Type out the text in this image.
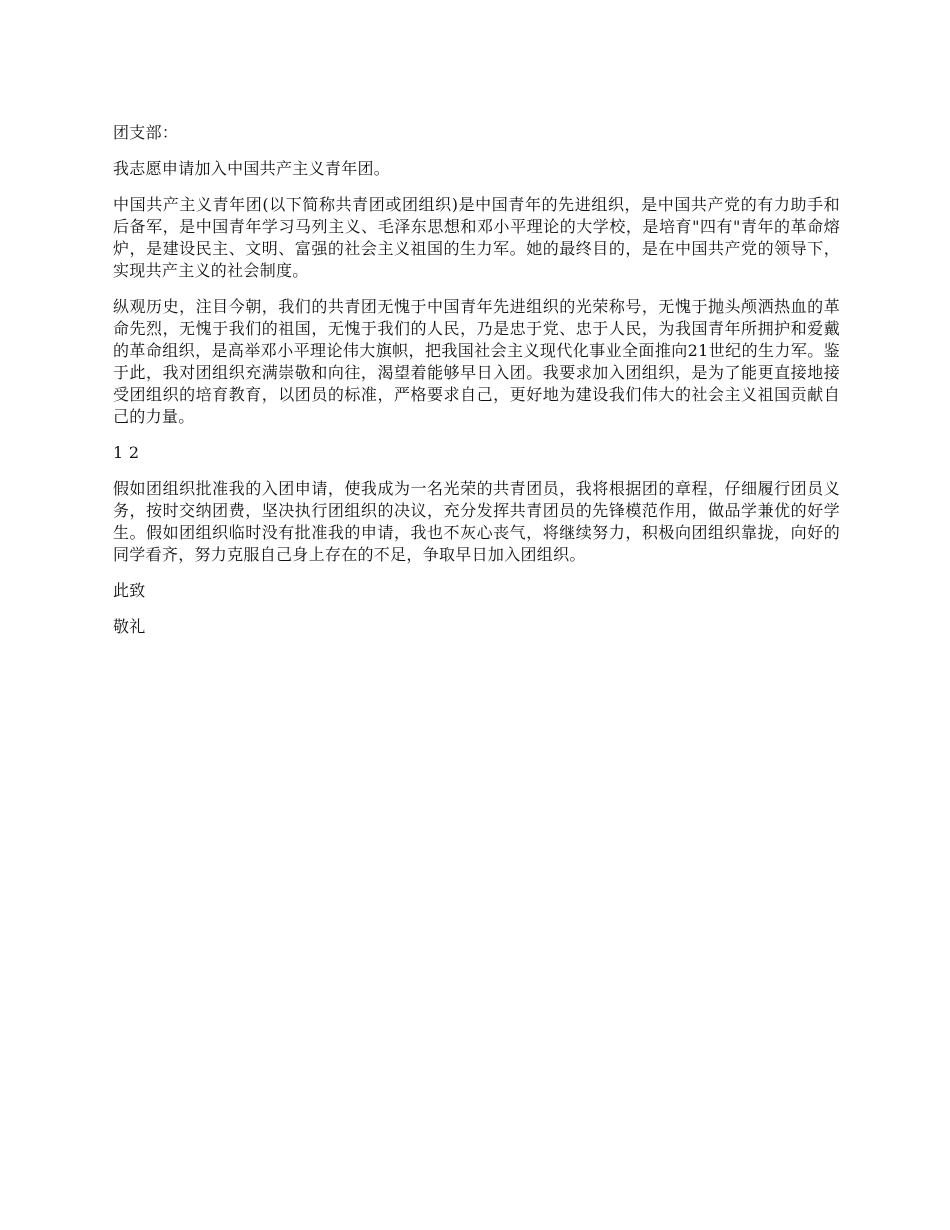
团支部：

我志愿申请加入中国共产主义青年团。

中国共产主义青年团(以下简称共青团或团组织)是中国青年的先进组织，是中国共产党的有力助手和后备军，是中国青年学习马列主义、毛泽东思想和邓小平理论的大学校，是培育"四有"青年的革命熔炉，是建设民主、文明、富强的社会主义祖国的生力军。她的最终目的，是在中国共产党的领导下，实现共产主义的社会制度。

纵观历史，注目今朝，我们的共青团无愧于中国青年先进组织的光荣称号，无愧于抛头颅洒热血的革命先烈，无愧于我们的祖国，无愧于我们的人民，乃是忠于党、忠于人民，为我国青年所拥护和爱戴的革命组织，是高举邓小平理论伟大旗帜，把我国社会主义现代化事业全面推向21世纪的生力军。鉴于此，我对团组织充满崇敬和向往，渴望着能够早日入团。我要求加入团组织，是为了能更直接地接受团组织的培育教育，以团员的标准，严格要求自己，更好地为建设我们伟大的社会主义祖国贡献自己的力量。

1 2

假如团组织批准我的入团申请，使我成为一名光荣的共青团员，我将根据团的章程，仔细履行团员义务，按时交纳团费，坚决执行团组织的决议，充分发挥共青团员的先锋模范作用，做品学兼优的好学生。假如团组织临时没有批准我的申请，我也不灰心丧气，将继续努力，积极向团组织靠拢，向好的同学看齐，努力克服自己身上存在的不足，争取早日加入团组织。

此致

敬礼
